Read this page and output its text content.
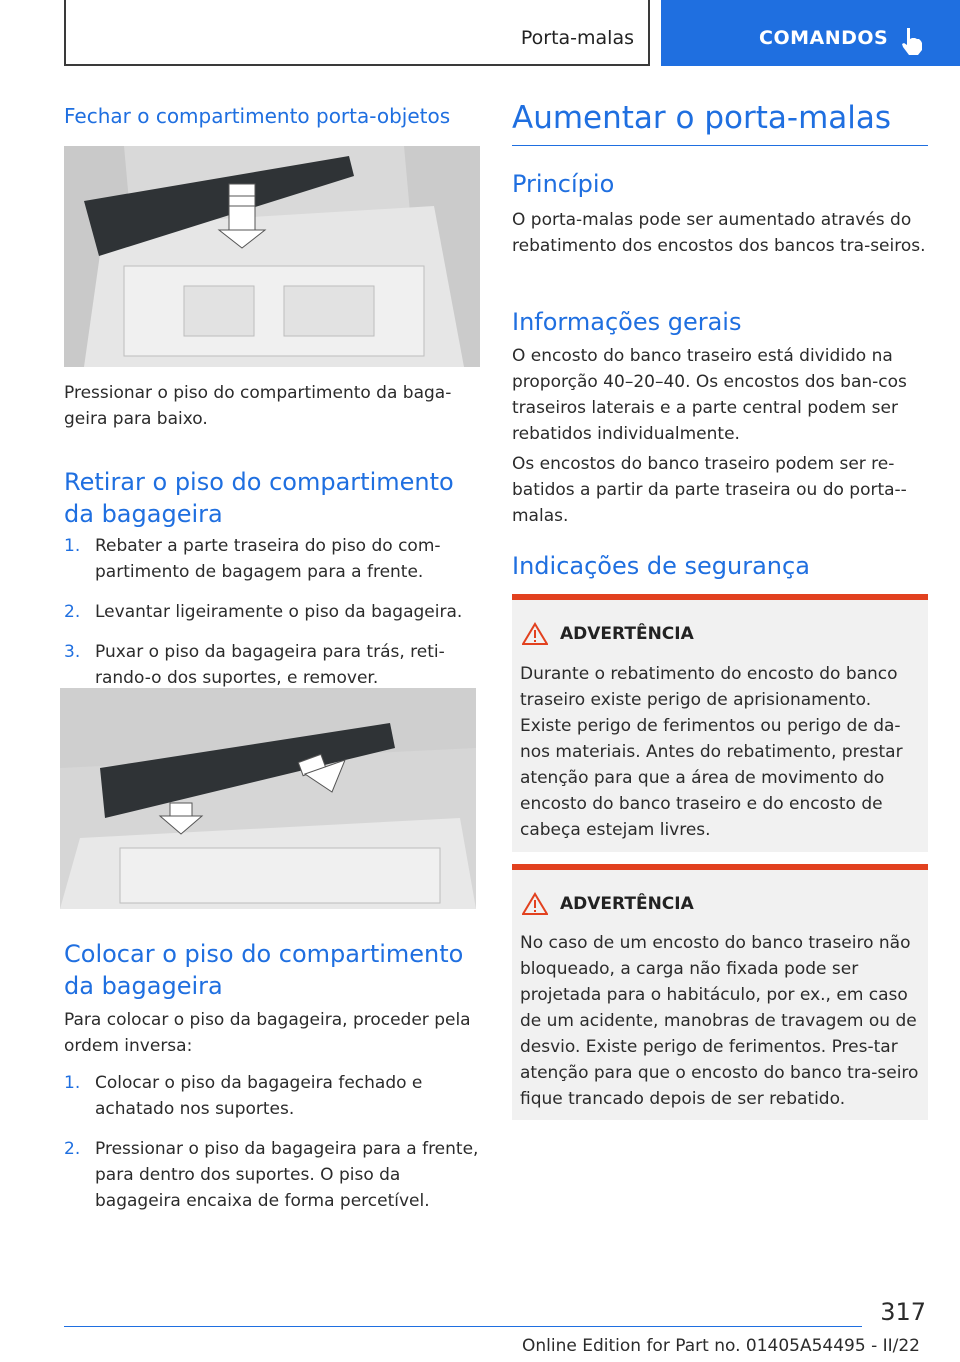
Porta-malas	COMANDOS
Fechar o compartimento porta-objetos

Pressionar o piso do compartimento da baga-geira para baixo.

Retirar o piso do compartimento da bagageira
1. Rebater a parte traseira do piso do com-partimento de bagagem para a frente.
2. Levantar ligeiramente o piso da bagageira.
3. Puxar o piso da bagageira para trás, reti-rando-o dos suportes, e remover.
Colocar o piso do compartimento da bagageira

Para colocar o piso da bagageira, proceder pela ordem inversa:

1. Colocar o piso da bagageira fechado e achatado nos suportes.
2. Pressionar o piso da bagageira para a frente, para dentro dos suportes. O piso da bagageira encaixa de forma percetível.
Aumentar o porta-malas
Princípio

O porta-malas pode ser aumentado através do rebatimento dos encostos dos bancos tra-seiros.

Informações gerais

O encosto do banco traseiro está dividido na proporção 40–20–40. Os encostos dos ban-cos traseiros laterais e a parte central podem ser rebatidos individualmente.

Os encostos do banco traseiro podem ser re-batidos a partir da parte traseira ou do porta--malas.

Indicações de segurança
ADVERTÊNCIA

Durante o rebatimento do encosto do banco traseiro existe perigo de aprisionamento. Existe perigo de ferimentos ou perigo de da-nos materiais. Antes do rebatimento, prestar atenção para que a área de movimento do encosto do banco traseiro e do encosto de cabeça estejam livres.

ADVERTÊNCIA

No caso de um encosto do banco traseiro não bloqueado, a carga não fixada pode ser projetada para o habitáculo, por ex., em caso de um acidente, manobras de travagem ou de desvio. Existe perigo de ferimentos. Pres-tar atenção para que o encosto do banco tra-seiro fique trancado depois de ser rebatido.

317
Online Edition for Part no. 01405A54495 - II/22
